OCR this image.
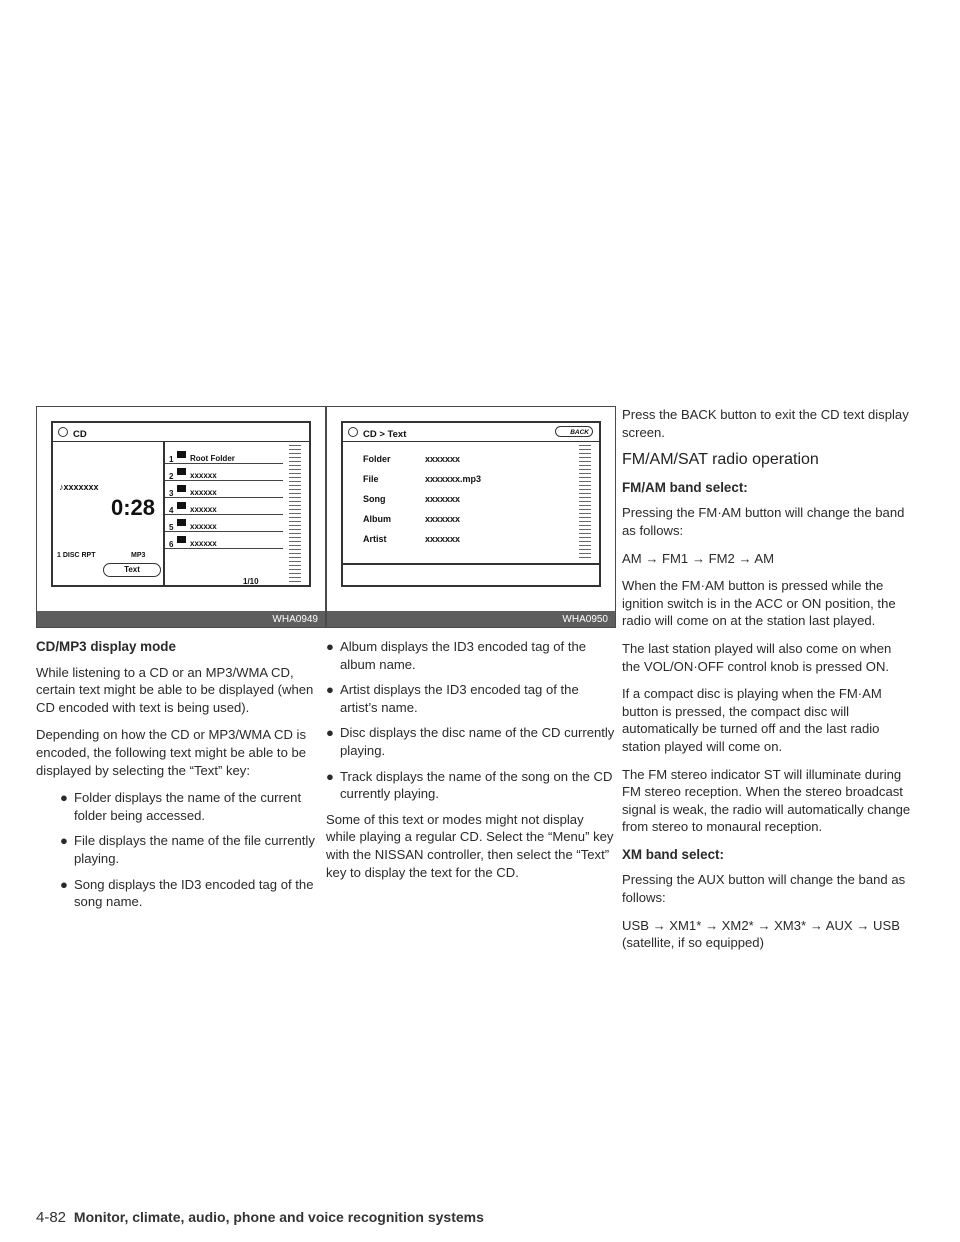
CD
♪xxxxxxx
0:28
1 DISC RPT	MP3
Text
1 Root Folder
2 xxxxxx
3 xxxxxx
4 xxxxxx
5 xxxxxx
6 xxxxxx
1/10
WHA0949
CD/MP3 display mode

While listening to a CD or an MP3/WMA CD, certain text might be able to be displayed (when CD encoded with text is being used).

Depending on how the CD or MP3/WMA CD is encoded, the following text might be able to be displayed by selecting the “Text” key:

● Folder displays the name of the current folder being accessed.
● File displays the name of the file currently playing.
● Song displays the ID3 encoded tag of the song name.
CD > Text	BACK
Folder	xxxxxxx
File	xxxxxxx.mp3
Song	xxxxxxx
Album	xxxxxxx
Artist	xxxxxxx
WHA0950
● Album displays the ID3 encoded tag of the album name.
● Artist displays the ID3 encoded tag of the artist’s name.
● Disc displays the disc name of the CD currently playing.
● Track displays the name of the song on the CD currently playing.

Some of this text or modes might not display while playing a regular CD. Select the “Menu” key with the NISSAN controller, then select the “Text” key to display the text for the CD.

Press the BACK button to exit the CD text display screen.

FM/AM/SAT radio operation
FM/AM band select:

Pressing the FM·AM button will change the band as follows:

AM → FM1 → FM2 → AM

When the FM·AM button is pressed while the ignition switch is in the ACC or ON position, the radio will come on at the station last played.

The last station played will also come on when the VOL/ON·OFF control knob is pressed ON.

If a compact disc is playing when the FM·AM button is pressed, the compact disc will automatically be turned off and the last radio station played will come on.

The FM stereo indicator ST will illuminate during FM stereo reception. When the stereo broadcast signal is weak, the radio will automatically change from stereo to monaural reception.

XM band select:

Pressing the AUX button will change the band as follows:

USB → XM1* → XM2* → XM3* → AUX → USB (satellite, if so equipped)

4-82 Monitor, climate, audio, phone and voice recognition systems
